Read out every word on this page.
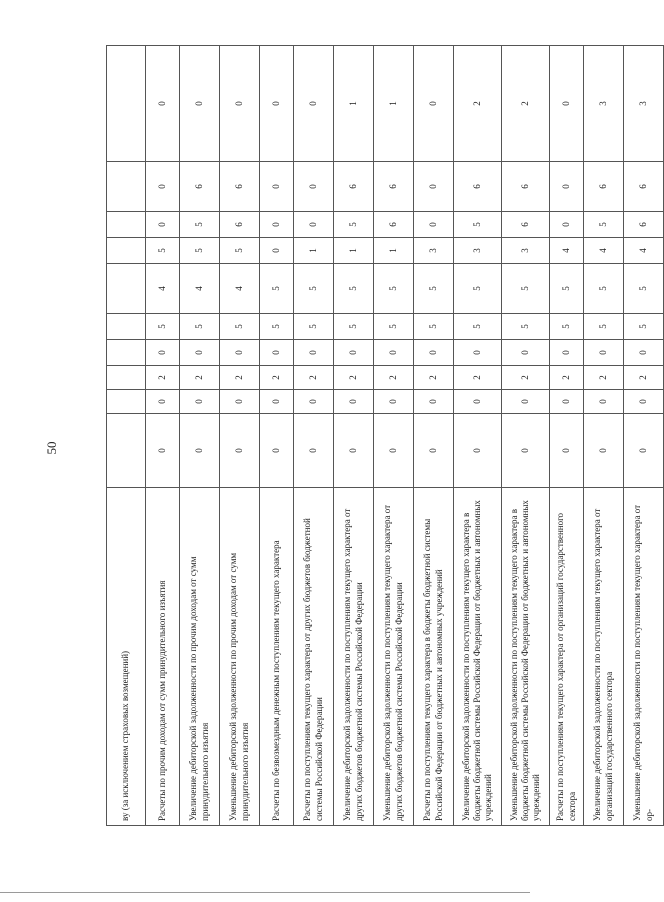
50
ву (за исключением страховых возмещений)										
Расчеты по прочим доходам от сумм принудительного изъятия	0	0	2	0	5	4	5	0	0	0
Увеличение дебиторской задолженности по прочим доходам от сумм принудительного изъятия	0	0	2	0	5	4	5	5	6	0
Уменьшение дебиторской задолженности по прочим доходам от сумм принудительного изъятия	0	0	2	0	5	4	5	6	6	0
Расчеты по безвозмездным денежным поступлениям текущего характера	0	0	2	0	5	5	0	0	0	0
Расчеты по поступлениям текущего характера от других бюджетов бюджетной системы Российской Федерации	0	0	2	0	5	5	1	0	0	0
Увеличение дебиторской задолженности по поступлениям текущего характера от других бюджетов бюджетной системы Российской Федерации	0	0	2	0	5	5	1	5	6	1
Уменьшение дебиторской задолженности по поступлениям текущего характера от других бюджетов бюджетной системы Российской Федерации	0	0	2	0	5	5	1	6	6	1
Расчеты по поступлениям текущего характера в бюджеты бюджетной системы Российской Федерации от бюджетных и автономных учреждений	0	0	2	0	5	5	3	0	0	0
Увеличение дебиторской задолженности по поступлениям текущего характера в бюджеты бюджетной системы Российской Федерации от бюджетных и автономных учреждений	0	0	2	0	5	5	3	5	6	2
Уменьшение дебиторской задолженности по поступлениям текущего характера в бюджеты бюджетной системы Российской Федерации от бюджетных и автономных учреждений	0	0	2	0	5	5	3	6	6	2
Расчеты по поступлениям текущего характера от организаций государственного сектора	0	0	2	0	5	5	4	0	0	0
Увеличение дебиторской задолженности по поступлениям текущего характера от организаций государственного сектора	0	0	2	0	5	5	4	5	6	3
Уменьшение дебиторской задолженности по поступлениям текущего характера от ор-	0	0	2	0	5	5	4	6	6	3
